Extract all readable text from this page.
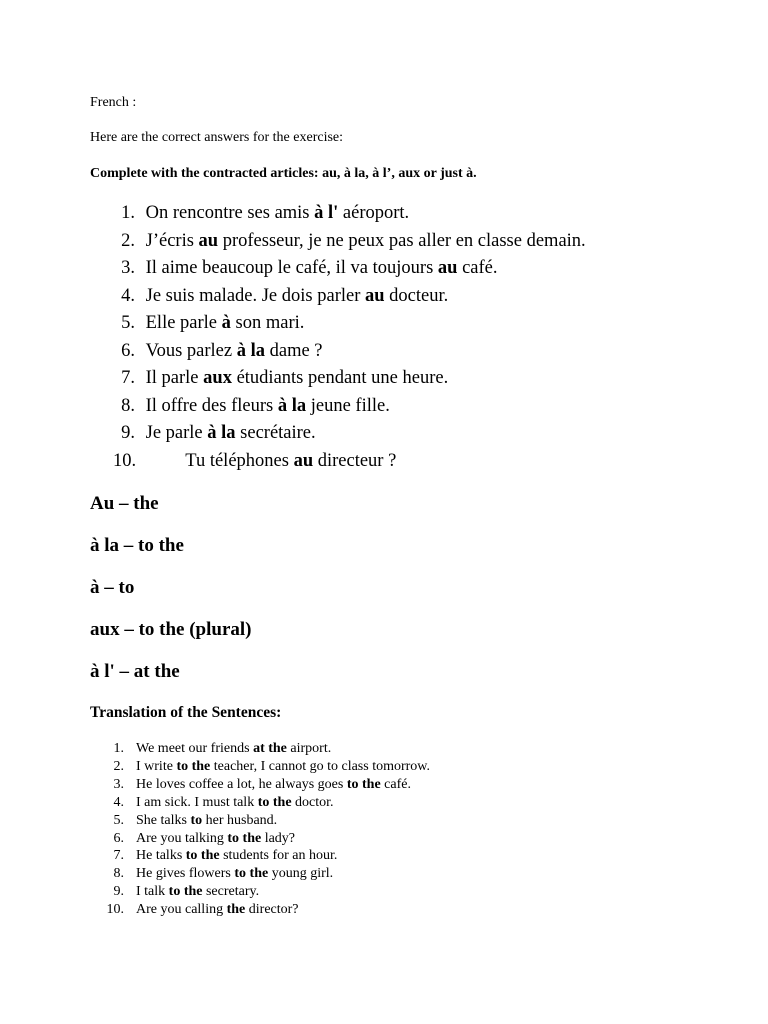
French :
Here are the correct answers for the exercise:
Complete with the contracted articles: au, à la, à l’, aux or just à.
1. On rencontre ses amis à l' aéroport.
2. J’écris au professeur, je ne peux pas aller en classe demain.
3. Il aime beaucoup le café, il va toujours au café.
4. Je suis malade. Je dois parler au docteur.
5. Elle parle à son mari.
6. Vous parlez à la dame ?
7. Il parle aux étudiants pendant une heure.
8. Il offre des fleurs à la jeune fille.
9. Je parle à la secrétaire.
10.	Tu téléphones au directeur ?
Au – the
à la – to the
à – to
aux – to the (plural)
à l' – at the
Translation of the Sentences:
1. We meet our friends at the airport.
2. I write to the teacher, I cannot go to class tomorrow.
3. He loves coffee a lot, he always goes to the café.
4. I am sick. I must talk to the doctor.
5. She talks to her husband.
6. Are you talking to the lady?
7. He talks to the students for an hour.
8. He gives flowers to the young girl.
9. I talk to the secretary.
10. Are you calling the director?
